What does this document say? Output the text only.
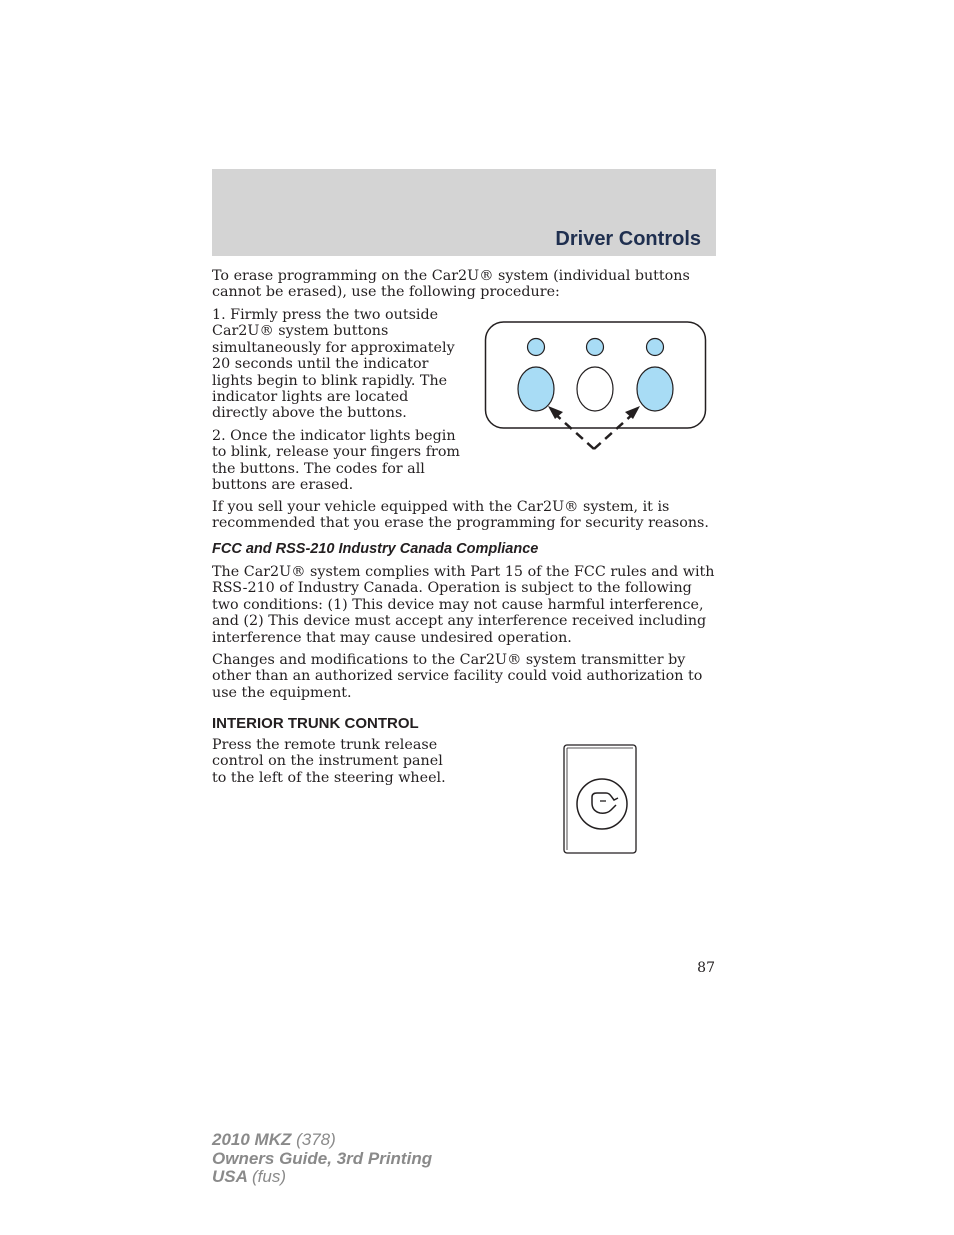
Driver Controls

To erase programming on the Car2U® system (individual buttons cannot be erased), use the following procedure:

1. Firmly press the two outside Car2U® system buttons simultaneously for approximately 20 seconds until the indicator lights begin to blink rapidly. The indicator lights are located directly above the buttons.

2. Once the indicator lights begin to blink, release your fingers from the buttons. The codes for all buttons are erased.

If you sell your vehicle equipped with the Car2U® system, it is recommended that you erase the programming for security reasons.

FCC and RSS-210 Industry Canada Compliance

The Car2U® system complies with Part 15 of the FCC rules and with RSS-210 of Industry Canada. Operation is subject to the following two conditions: (1) This device may not cause harmful interference, and (2) This device must accept any interference received including interference that may cause undesired operation.

Changes and modifications to the Car2U® system transmitter by other than an authorized service facility could void authorization to use the equipment.

INTERIOR TRUNK CONTROL

Press the remote trunk release control on the instrument panel to the left of the steering wheel.

87
2010 MKZ (378)
Owners Guide, 3rd Printing
USA (fus)
